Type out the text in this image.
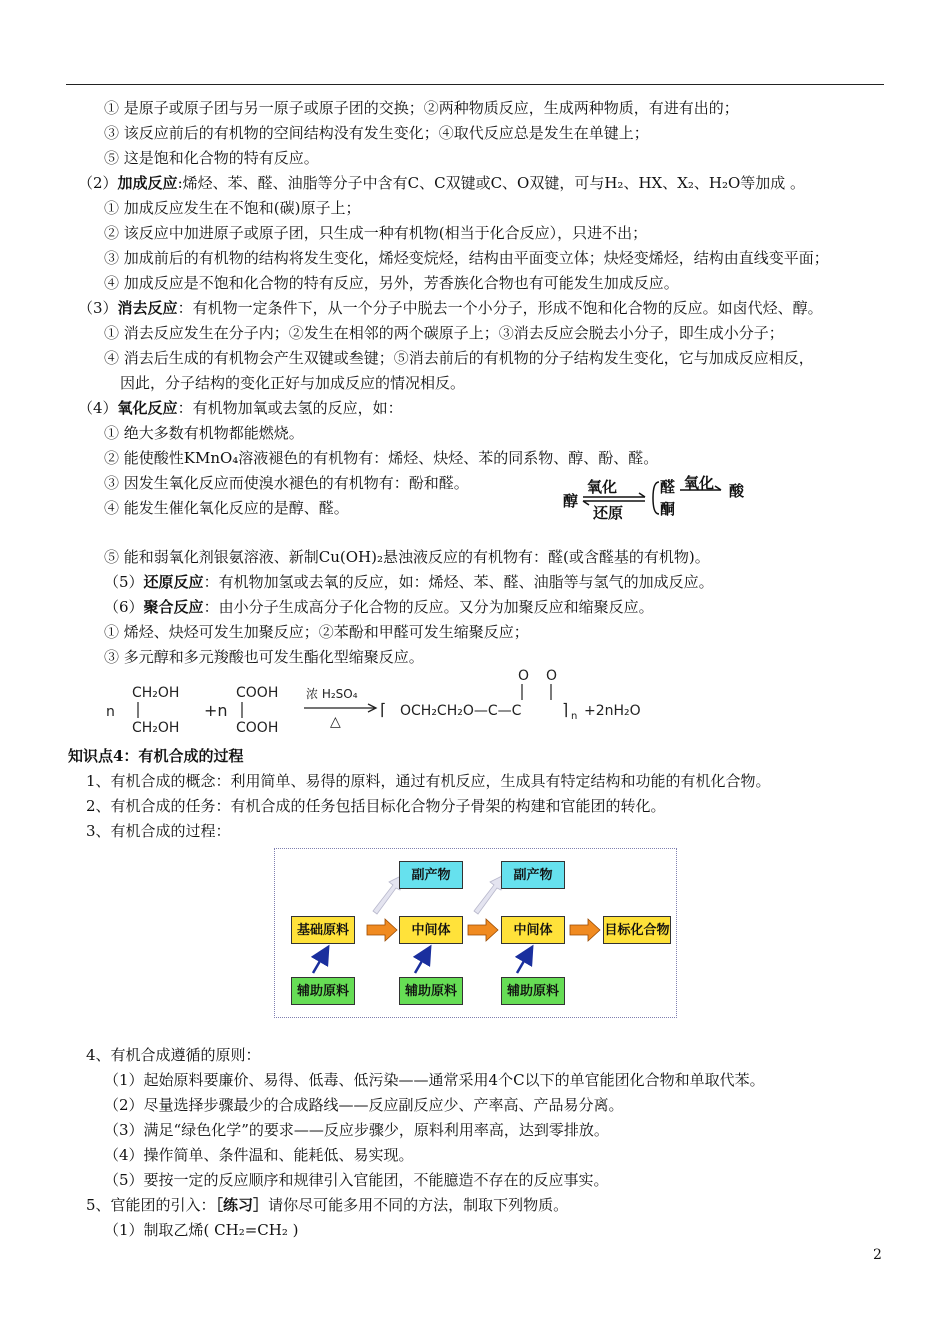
① 是原子或原子团与另一原子或原子团的交换；②两种物质反应，生成两种物质，有进有出的；
③ 该反应前后的有机物的空间结构没有发生变化；④取代反应总是发生在单键上；
⑤ 这是饱和化合物的特有反应。
（2）加成反应:烯烃、苯、醛、油脂等分子中含有C、C双键或C、O双键，可与H₂、HX、X₂、H₂O等加成 。
① 加成反应发生在不饱和(碳)原子上；
② 该反应中加进原子或原子团，只生成一种有机物(相当于化合反应），只进不出；
③ 加成前后的有机物的结构将发生变化，烯烃变烷烃，结构由平面变立体；炔烃变烯烃，结构由直线变平面；
④ 加成反应是不饱和化合物的特有反应，另外，芳香族化合物也有可能发生加成反应。
（3）消去反应：有机物一定条件下，从一个分子中脱去一个小分子，形成不饱和化合物的反应。如卤代烃、醇。
① 消去反应发生在分子内；②发生在相邻的两个碳原子上；③消去反应会脱去小分子，即生成小分子；
④ 消去后生成的有机物会产生双键或叁键；⑤消去前后的有机物的分子结构发生变化，它与加成反应相反，
因此，分子结构的变化正好与加成反应的情况相反。
（4）氧化反应：有机物加氧或去氢的反应，如：
① 绝大多数有机物都能燃烧。
② 能使酸性KMnO₄溶液褪色的有机物有：烯烃、炔烃、苯的同系物、醇、酚、醛。
③ 因发生氧化反应而使溴水褪色的有机物有：酚和醛。
④ 能发生催化氧化反应的是醇、醛。	醇
氧化
还原
醛
酮
氧化 酸
⑤ 能和弱氧化剂银氨溶液、新制Cu(OH)₂悬浊液反应的有机物有：醛(或含醛基的有机物)。
（5）还原反应：有机物加氢或去氧的反应，如：烯烃、苯、醛、油脂等与氢气的加成反应。
（6）聚合反应：由小分子生成高分子化合物的反应。又分为加聚反应和缩聚反应。
① 烯烃、炔烃可发生加聚反应；②苯酚和甲醛可发生缩聚反应；
③ 多元醇和多元羧酸也可发生酯化型缩聚反应。
n
CH₂OH
CH₂OH
+n
COOH
COOH
浓 H₂SO₄
△
⌈ OCH₂CH₂O—C—C
O O
⌉ n +2nH₂O
知识点4：有机合成的过程
1、有机合成的概念：利用简单、易得的原料，通过有机反应，生成具有特定结构和功能的有机化合物。
2、有机合成的任务：有机合成的任务包括目标化合物分子骨架的构建和官能团的转化。
3、有机合成的过程：
基础原料	中间体	中间体	目标化合物
副产物	副产物
辅助原料	辅助原料	辅助原料
4、有机合成遵循的原则：
（1）起始原料要廉价、易得、低毒、低污染——通常采用4个C以下的单官能团化合物和单取代苯。
（2）尽量选择步骤最少的合成路线——反应副反应少、产率高、产品易分离。
（3）满足“绿色化学”的要求——反应步骤少，原料利用率高，达到零排放。
（4）操作简单、条件温和、能耗低、易实现。
（5）要按一定的反应顺序和规律引入官能团，不能臆造不存在的反应事实。
5、官能团的引入：［练习］请你尽可能多用不同的方法，制取下列物质。
（1）制取乙烯( CH₂=CH₂ )
2
